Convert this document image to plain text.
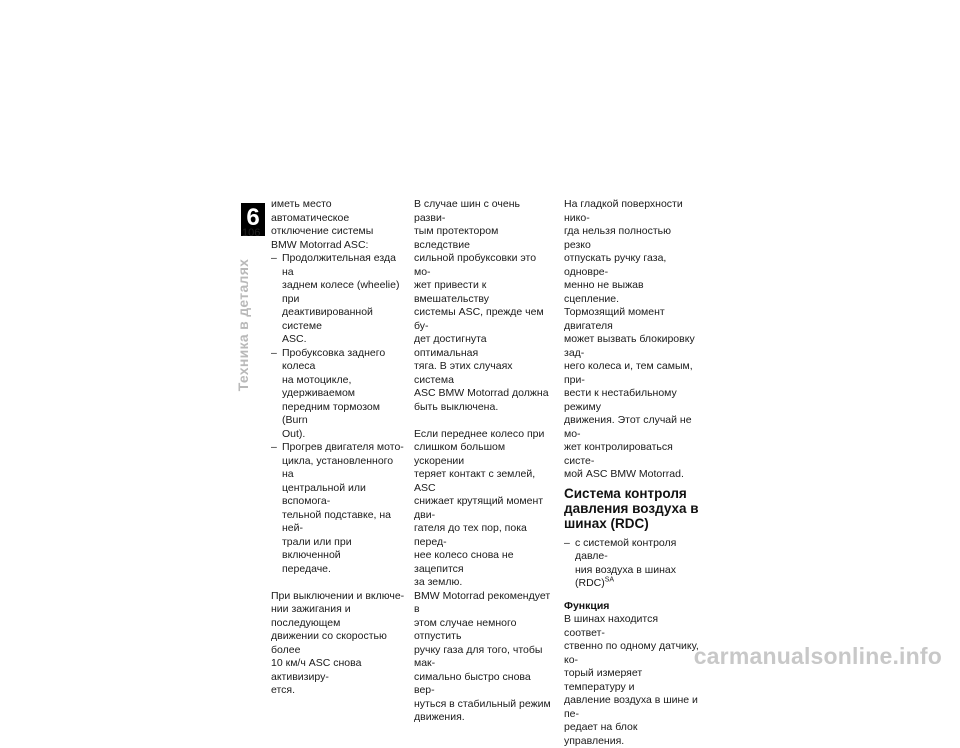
6
106
Техника в деталях

иметь место автоматическое
отключение системы
BMW Motorrad ASC:

– Продолжительная езда на
заднем колесе (wheelie) при
деактивированной системе
ASC.
– Пробуксовка заднего колеса
на мотоцикле, удерживаемом
передним тормозом (Burn
Out).
– Прогрев двигателя мото-
цикла, установленного на
центральной или вспомога-
тельной подставке, на ней-
трали или при включенной
передаче.

При выключении и включе-
нии зажигания и последующем
движении со скоростью более
10 км/ч ASC снова активизиру-
ется.

В случае шин с очень разви-
тым протектором вследствие
сильной пробуксовки это мо-
жет привести к вмешательству
системы ASC, прежде чем бу-
дет достигнута оптимальная
тяга. В этих случаях система
ASC BMW Motorrad должна
быть выключена.

Если переднее колесо при
слишком большом ускорении
теряет контакт с землей, ASC
снижает крутящий момент дви-
гателя до тех пор, пока перед-
нее колесо снова не зацепится
за землю.

BMW Motorrad рекомендует в
этом случае немного отпустить
ручку газа для того, чтобы мак-
симально быстро снова вер-
нуться в стабильный режим
движения.

На гладкой поверхности нико-
гда нельзя полностью резко
отпускать ручку газа, одновре-
менно не выжав сцепление.
Тормозящий момент двигателя
может вызвать блокировку зад-
него колеса и, тем самым, при-
вести к нестабильному режиму
движения. Этот случай не мо-
жет контролироваться систе-
мой ASC BMW Motorrad.

Система контроля
давления воздуха в
шинах (RDC)
– с системой контроля давле-
ния воздуха в шинах (RDC)$^{SA}$
Функция

В шинах находится соответ-
ственно по одному датчику, ко-
торый измеряет температуру и
давление воздуха в шине и пе-
редает на блок управления.

carmanualsonline.info
